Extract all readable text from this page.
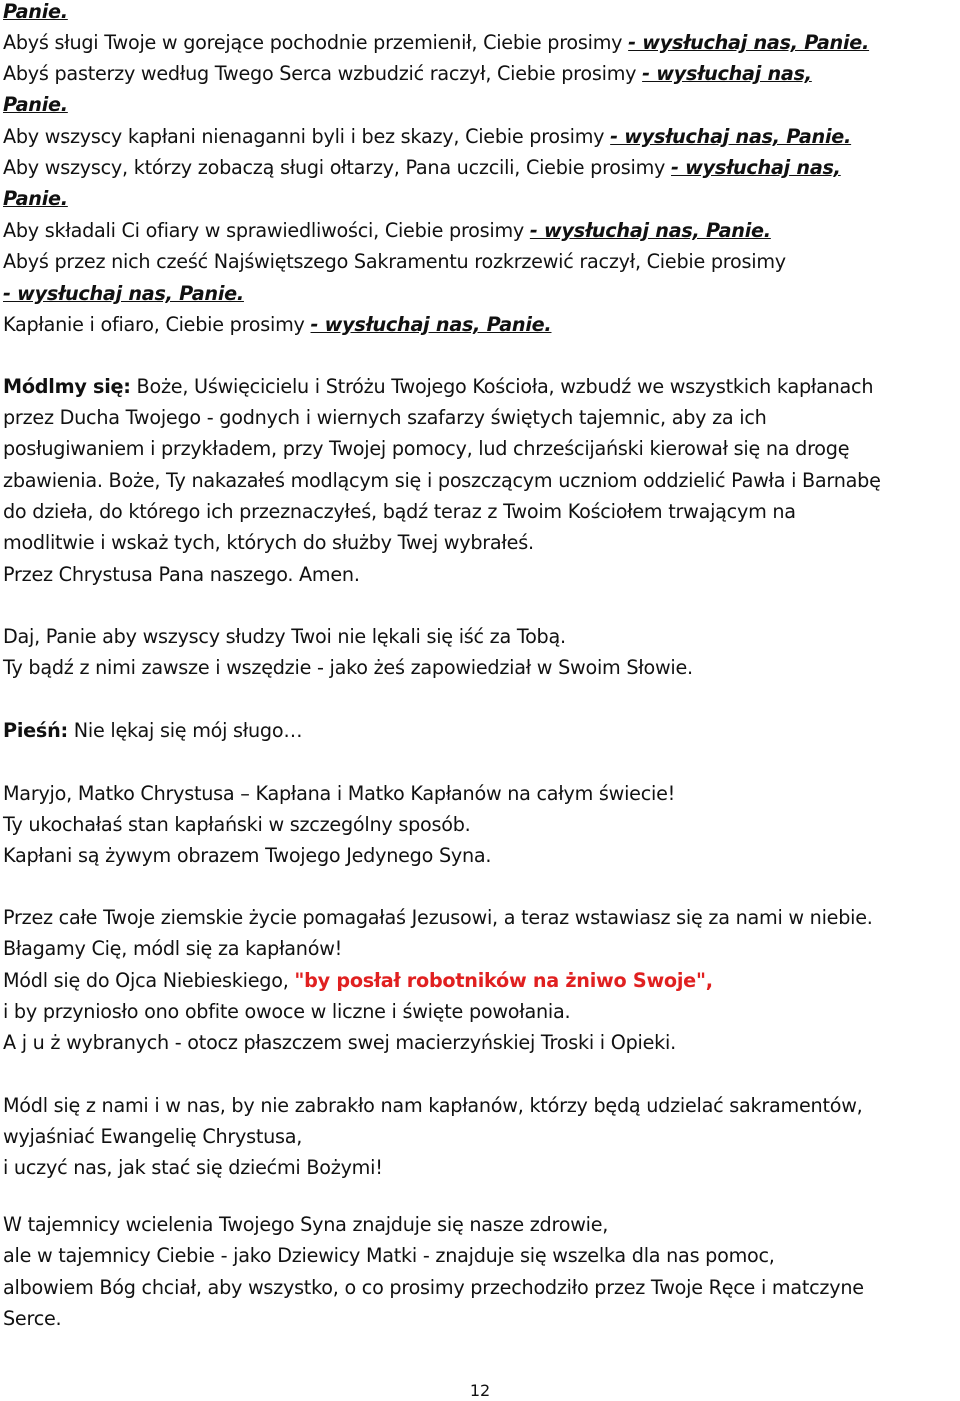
Panie.

Abyś sługi Twoje w gorejące pochodnie przemienił, Ciebie prosimy - wysłuchaj nas, Panie.

Abyś pasterzy według Twego Serca wzbudzić raczył, Ciebie prosimy - wysłuchaj nas,

Panie.

Aby wszyscy kapłani nienaganni byli i bez skazy, Ciebie prosimy - wysłuchaj nas, Panie.

Aby wszyscy, którzy zobaczą sługi ołtarzy, Pana uczcili, Ciebie prosimy - wysłuchaj nas,

Panie.

Aby składali Ci ofiary w sprawiedliwości, Ciebie prosimy - wysłuchaj nas, Panie.

Abyś przez nich cześć Najświętszego Sakramentu rozkrzewić raczył, Ciebie prosimy

- wysłuchaj nas, Panie.

Kapłanie i ofiaro, Ciebie prosimy - wysłuchaj nas, Panie.

Módlmy się: Boże, Uświęcicielu i Stróżu Twojego Kościoła, wzbudź we wszystkich kapłanach

przez Ducha Twojego - godnych i wiernych szafarzy świętych tajemnic, aby za ich

posługiwaniem i przykładem, przy Twojej pomocy, lud chrześcijański kierował się na drogę

zbawienia. Boże, Ty nakazałeś modlącym się i poszczącym uczniom oddzielić Pawła i Barnabę

do dzieła, do którego ich przeznaczyłeś, bądź teraz z Twoim Kościołem trwającym na

modlitwie i wskaż tych, których do służby Twej wybrałeś.

Przez Chrystusa Pana naszego. Amen.

Daj, Panie aby wszyscy słudzy Twoi nie lękali się iść za Tobą.

Ty bądź z nimi zawsze i wszędzie - jako żeś zapowiedział w Swoim Słowie.

Pieśń: Nie lękaj się mój sługo…

Maryjo, Matko Chrystusa – Kapłana i Matko Kapłanów na całym świecie!

Ty ukochałaś stan kapłański w szczególny sposób.

Kapłani są żywym obrazem Twojego Jedynego Syna.

Przez całe Twoje ziemskie życie pomagałaś Jezusowi, a teraz wstawiasz się za nami w niebie.

Błagamy Cię, módl się za kapłanów!

Módl się do Ojca Niebieskiego, "by posłał robotników na żniwo Swoje",

i by przyniosło ono obfite owoce w liczne i święte powołania.

A j u ż wybranych - otocz płaszczem swej macierzyńskiej Troski i Opieki.

Módl się z nami i w nas, by nie zabrakło nam kapłanów, którzy będą udzielać sakramentów,

wyjaśniać Ewangelię Chrystusa,

i uczyć nas, jak stać się dziećmi Bożymi!

W tajemnicy wcielenia Twojego Syna znajduje się nasze zdrowie,

ale w tajemnicy Ciebie - jako Dziewicy Matki - znajduje się wszelka dla nas pomoc,

albowiem Bóg chciał, aby wszystko, o co prosimy przechodziło przez Twoje Ręce i matczyne

Serce.

12
